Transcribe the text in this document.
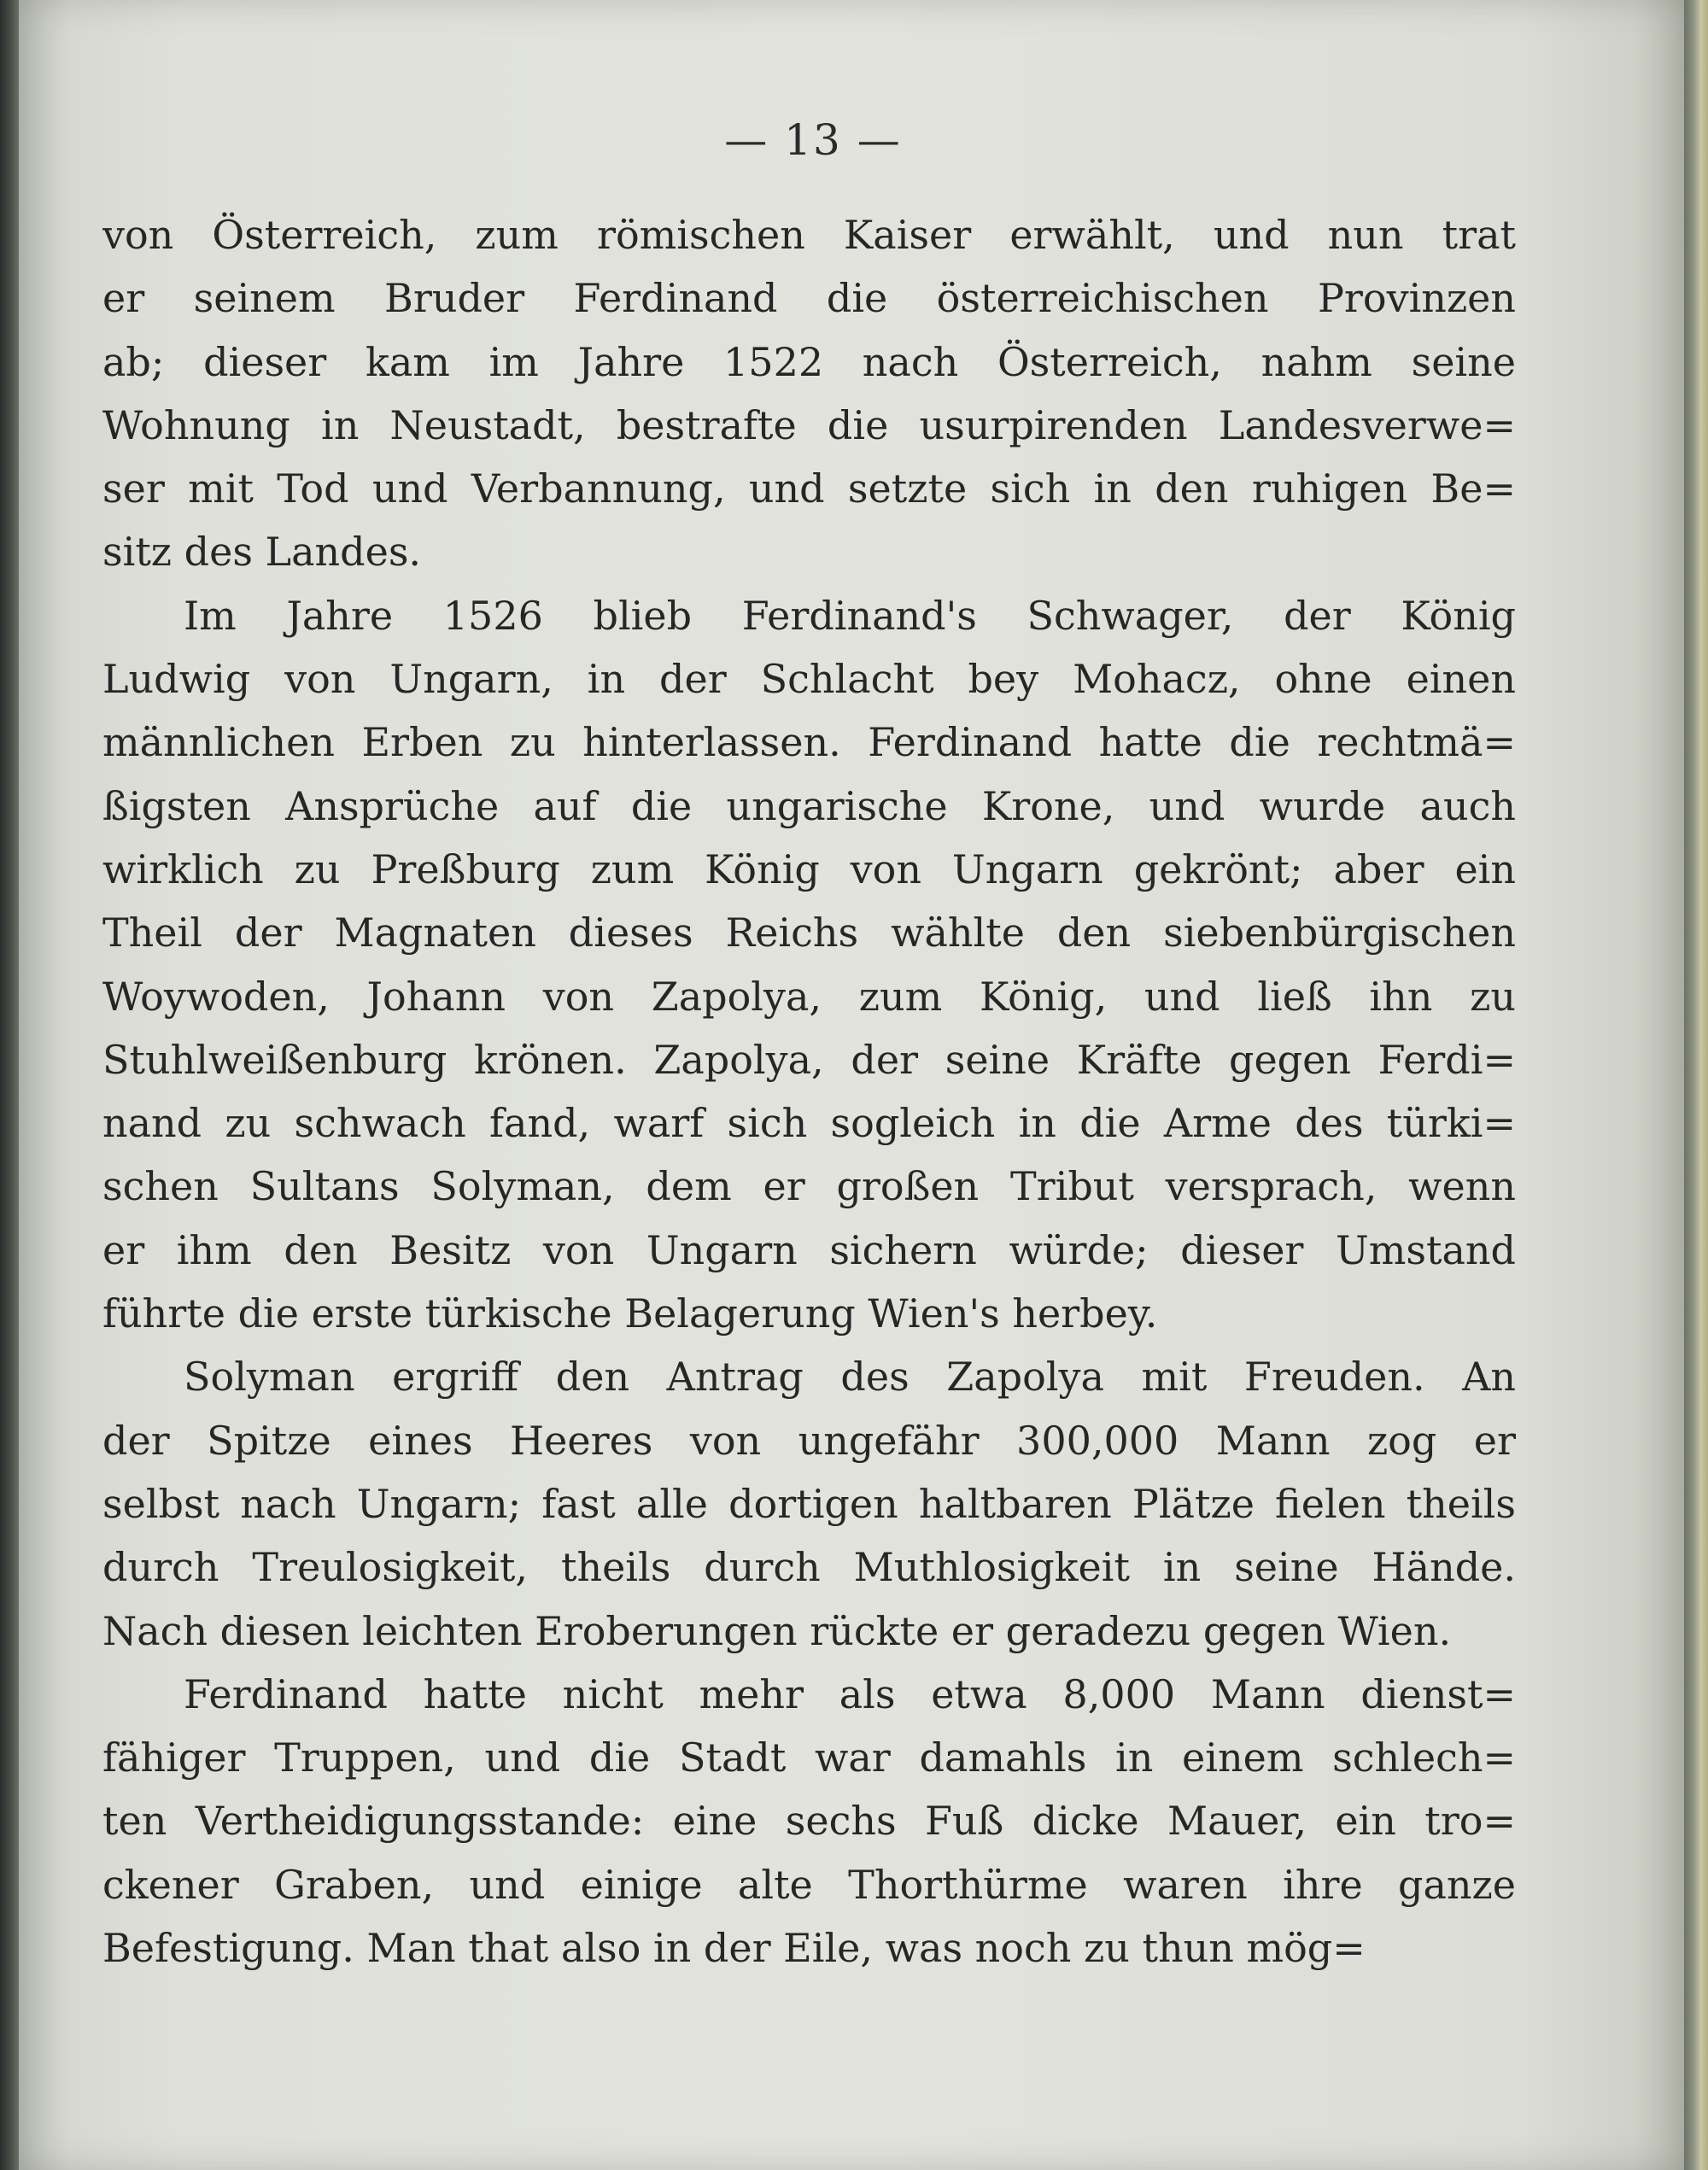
— 13 —
von Österreich, zum römischen Kaiser erwählt, und nun trat
er seinem Bruder Ferdinand die österreichischen Provinzen
ab; dieser kam im Jahre 1522 nach Österreich, nahm seine
Wohnung in Neustadt, bestrafte die usurpirenden Landesverwe=
ser mit Tod und Verbannung, und setzte sich in den ruhigen Be=
sitz des Landes.
Im Jahre 1526 blieb Ferdinand's Schwager, der König
Ludwig von Ungarn, in der Schlacht bey Mohacz, ohne einen
männlichen Erben zu hinterlassen. Ferdinand hatte die rechtmä=
ßigsten Ansprüche auf die ungarische Krone, und wurde auch
wirklich zu Preßburg zum König von Ungarn gekrönt; aber ein
Theil der Magnaten dieses Reichs wählte den siebenbürgischen
Woywoden, Johann von Zapolya, zum König, und ließ ihn zu
Stuhlweißenburg krönen. Zapolya, der seine Kräfte gegen Ferdi=
nand zu schwach fand, warf sich sogleich in die Arme des türki=
schen Sultans Solyman, dem er großen Tribut versprach, wenn
er ihm den Besitz von Ungarn sichern würde; dieser Umstand
führte die erste türkische Belagerung Wien's herbey.
Solyman ergriff den Antrag des Zapolya mit Freuden. An
der Spitze eines Heeres von ungefähr 300,000 Mann zog er
selbst nach Ungarn; fast alle dortigen haltbaren Plätze fielen theils
durch Treulosigkeit, theils durch Muthlosigkeit in seine Hände.
Nach diesen leichten Eroberungen rückte er geradezu gegen Wien.
Ferdinand hatte nicht mehr als etwa 8,000 Mann dienst=
fähiger Truppen, und die Stadt war damahls in einem schlech=
ten Vertheidigungsstande: eine sechs Fuß dicke Mauer, ein tro=
ckener Graben, und einige alte Thorthürme waren ihre ganze
Befestigung. Man that also in der Eile, was noch zu thun mög=
